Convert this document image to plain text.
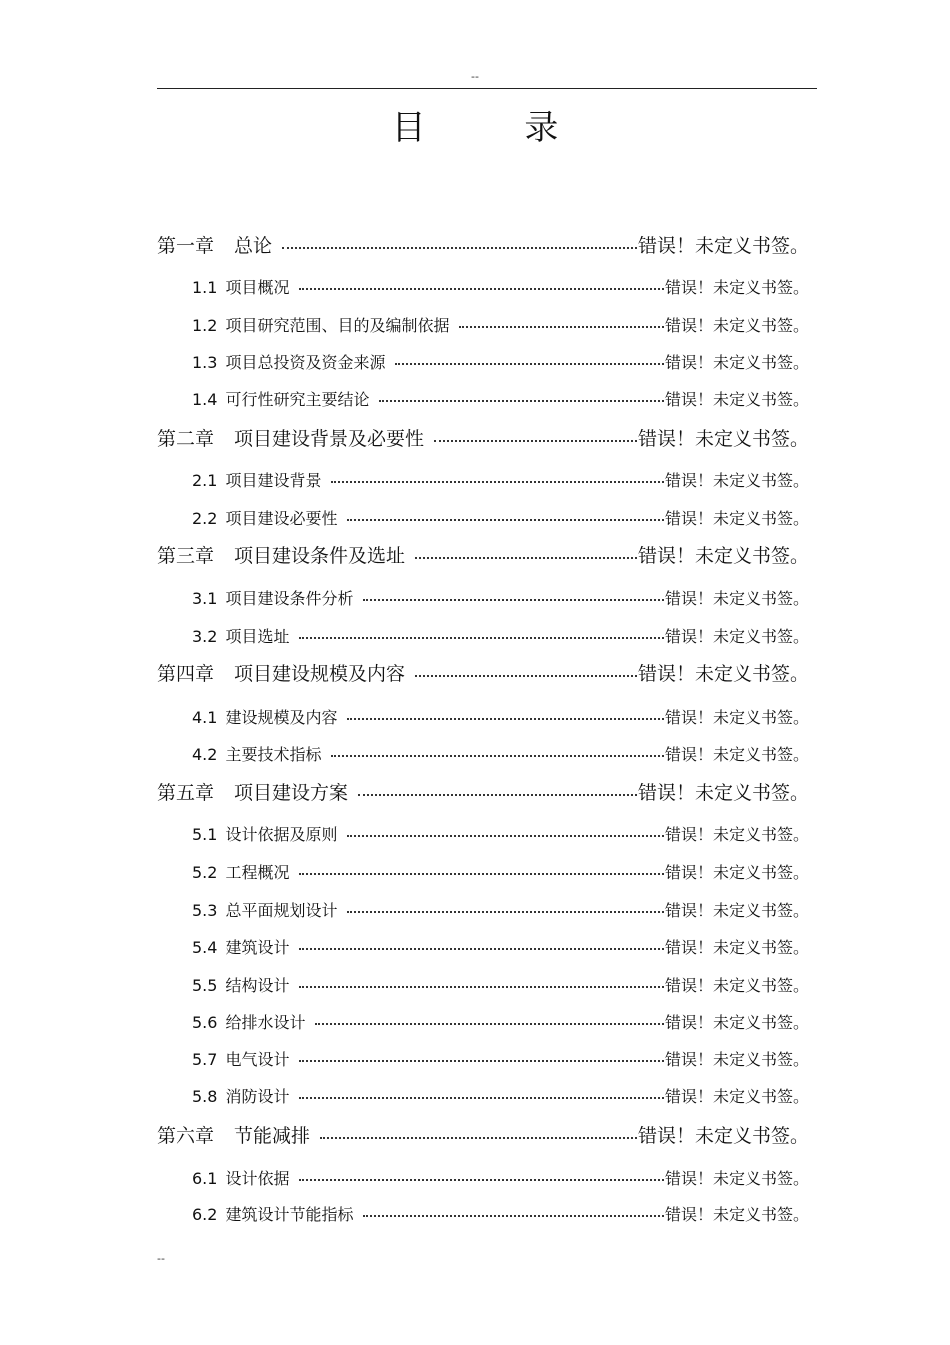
--
目 录
第一章 总论	错误！未定义书签。
1.1 项目概况	错误！未定义书签。
1.2 项目研究范围、目的及编制依据	错误！未定义书签。
1.3 项目总投资及资金来源	错误！未定义书签。
1.4 可行性研究主要结论	错误！未定义书签。
第二章 项目建设背景及必要性	错误！未定义书签。
2.1 项目建设背景	错误！未定义书签。
2.2 项目建设必要性	错误！未定义书签。
第三章 项目建设条件及选址	错误！未定义书签。
3.1 项目建设条件分析	错误！未定义书签。
3.2 项目选址	错误！未定义书签。
第四章 项目建设规模及内容	错误！未定义书签。
4.1 建设规模及内容	错误！未定义书签。
4.2 主要技术指标	错误！未定义书签。
第五章 项目建设方案	错误！未定义书签。
5.1 设计依据及原则	错误！未定义书签。
5.2 工程概况	错误！未定义书签。
5.3 总平面规划设计	错误！未定义书签。
5.4 建筑设计	错误！未定义书签。
5.5 结构设计	错误！未定义书签。
5.6 给排水设计	错误！未定义书签。
5.7 电气设计	错误！未定义书签。
5.8 消防设计	错误！未定义书签。
第六章 节能减排	错误！未定义书签。
6.1 设计依据	错误！未定义书签。
6.2 建筑设计节能指标	错误！未定义书签。
--
